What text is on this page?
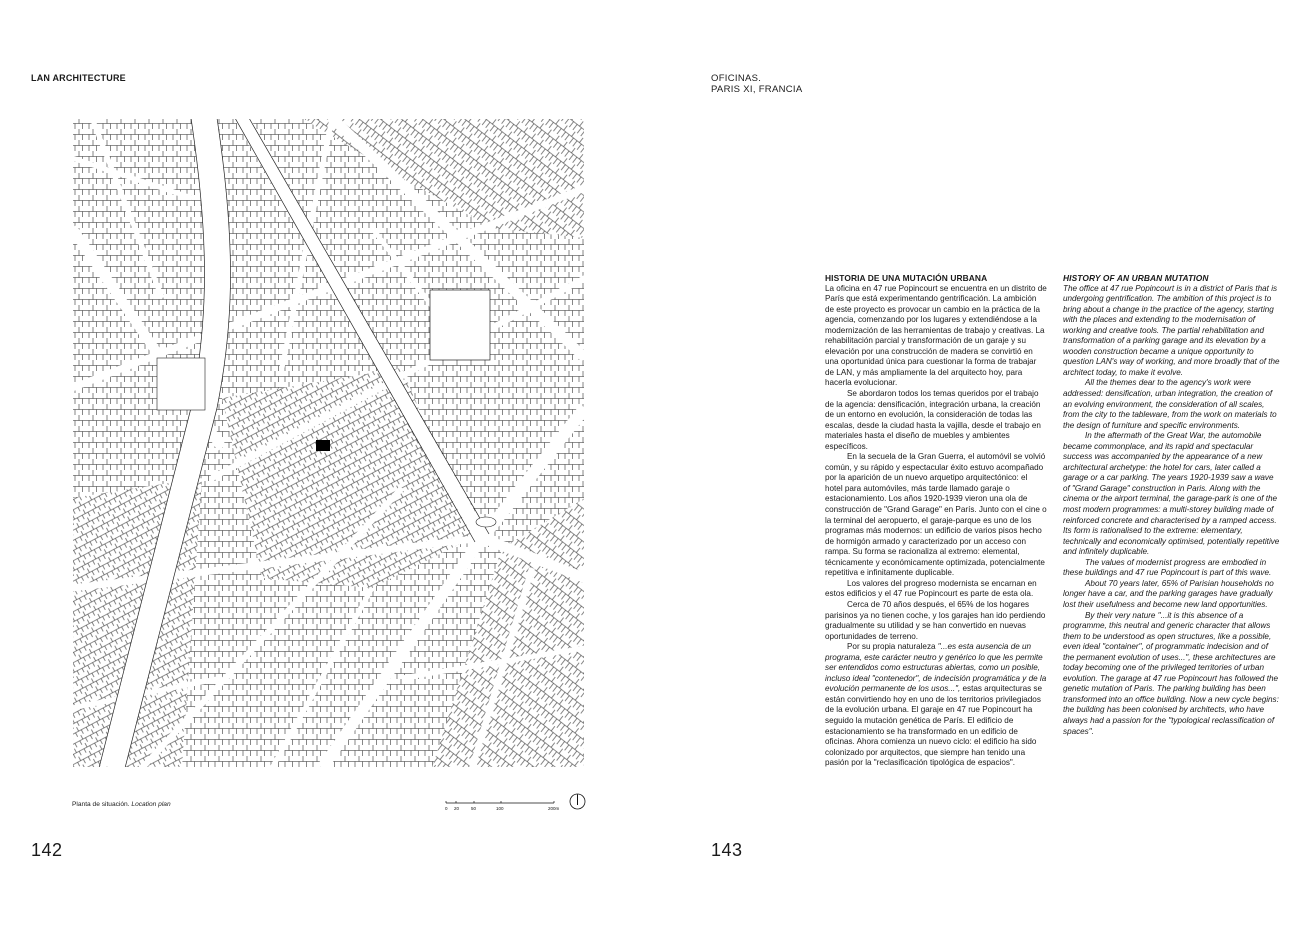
LAN ARCHITECTURE
Planta de situación. Location plan
0 20	50	100	200m
142
OFICINAS.
PARIS XI, FRANCIA
HISTORIA DE UNA MUTACIÓN URBANA

La oficina en 47 rue Popincourt se encuentra en un distrito de París que está experimentando gentrificación. La ambición de este proyecto es provocar un cambio en la práctica de la agencia, comenzando por los lugares y extendiéndose a la modernización de las herramientas de trabajo y creativas. La rehabilitación parcial y transformación de un garaje y su elevación por una construcción de madera se convirtió en una oportunidad única para cuestionar la forma de trabajar de LAN, y más ampliamente la del arquitecto hoy, para hacerla evolucionar.

Se abordaron todos los temas queridos por el trabajo de la agencia: densificación, integración urbana, la creación de un entorno en evolución, la consideración de todas las escalas, desde la ciudad hasta la vajilla, desde el trabajo en materiales hasta el diseño de muebles y ambientes específicos.

En la secuela de la Gran Guerra, el automóvil se volvió común, y su rápido y espectacular éxito estuvo acompañado por la aparición de un nuevo arquetipo arquitectónico: el hotel para automóviles, más tarde llamado garaje o estacionamiento. Los años 1920-1939 vieron una ola de construcción de "Grand Garage" en París. Junto con el cine o la terminal del aeropuerto, el garaje-parque es uno de los programas más modernos: un edificio de varios pisos hecho de hormigón armado y caracterizado por un acceso con rampa. Su forma se racionaliza al extremo: elemental, técnicamente y económicamente optimizada, potencialmente repetitiva e infinitamente duplicable.

Los valores del progreso modernista se encarnan en estos edificios y el 47 rue Popincourt es parte de esta ola.

Cerca de 70 años después, el 65% de los hogares parisinos ya no tienen coche, y los garajes han ido perdiendo gradualmente su utilidad y se han convertido en nuevas oportunidades de terreno.

Por su propia naturaleza "...es esta ausencia de un programa, este carácter neutro y genérico lo que les permite ser entendidos como estructuras abiertas, como un posible, incluso ideal "contenedor", de indecisión programática y de la evolución permanente de los usos...", estas arquitecturas se están convirtiendo hoy en uno de los territorios privilegiados de la evolución urbana. El garaje en 47 rue Popincourt ha seguido la mutación genética de París. El edificio de estacionamiento se ha transformado en un edificio de oficinas. Ahora comienza un nuevo ciclo: el edificio ha sido colonizado por arquitectos, que siempre han tenido una pasión por la "reclasificación tipológica de espacios".

HISTORY OF AN URBAN MUTATION

The office at 47 rue Popincourt is in a district of Paris that is undergoing gentrification. The ambition of this project is to bring about a change in the practice of the agency, starting with the places and extending to the modernisation of working and creative tools. The partial rehabilitation and transformation of a parking garage and its elevation by a wooden construction became a unique opportunity to question LAN's way of working, and more broadly that of the architect today, to make it evolve.

All the themes dear to the agency's work were addressed: densification, urban integration, the creation of an evolving environment, the consideration of all scales, from the city to the tableware, from the work on materials to the design of furniture and specific environments.

In the aftermath of the Great War, the automobile became commonplace, and its rapid and spectacular success was accompanied by the appearance of a new architectural archetype: the hotel for cars, later called a garage or a car parking. The years 1920-1939 saw a wave of "Grand Garage" construction in Paris. Along with the cinema or the airport terminal, the garage-park is one of the most modern programmes: a multi-storey building made of reinforced concrete and characterised by a ramped access. Its form is rationalised to the extreme: elementary, technically and economically optimised, potentially repetitive and infinitely duplicable.

The values of modernist progress are embodied in these buildings and 47 rue Popincourt is part of this wave.

About 70 years later, 65% of Parisian households no longer have a car, and the parking garages have gradually lost their usefulness and become new land opportunities.

By their very nature "...it is this absence of a programme, this neutral and generic character that allows them to be understood as open structures, like a possible, even ideal "container", of programmatic indecision and of the permanent evolution of uses...", these architectures are today becoming one of the privileged territories of urban evolution. The garage at 47 rue Popincourt has followed the genetic mutation of Paris. The parking building has been transformed into an office building. Now a new cycle begins: the building has been colonised by architects, who have always had a passion for the "typological reclassification of spaces".

143
